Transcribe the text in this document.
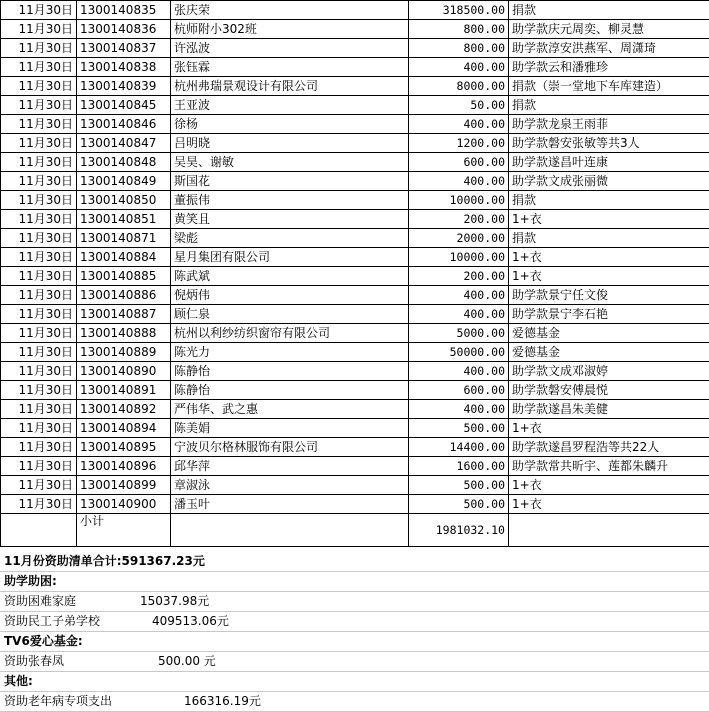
11月30日	1300140835	张庆荣	318500.00	捐款
11月30日	1300140836	杭师附小302班	800.00	助学款庆元周奕、柳灵慧
11月30日	1300140837	许泓波	800.00	助学款淳安洪燕军、周潇琦
11月30日	1300140838	张钰霖	400.00	助学款云和潘雅珍
11月30日	1300140839	杭州弗瑞景观设计有限公司	8000.00	捐款（崇一堂地下车库建造）
11月30日	1300140845	王亚波	50.00	捐款
11月30日	1300140846	徐杨	400.00	助学款龙泉王雨菲
11月30日	1300140847	吕明晓	1200.00	助学款磐安张敏等共3人
11月30日	1300140848	吴昊、谢敏	600.00	助学款遂昌叶连康
11月30日	1300140849	斯国花	400.00	助学款文成张丽微
11月30日	1300140850	董振伟	10000.00	捐款
11月30日	1300140851	黄笑且	200.00	1+衣
11月30日	1300140871	梁彪	2000.00	捐款
11月30日	1300140884	星月集团有限公司	10000.00	1+衣
11月30日	1300140885	陈武斌	200.00	1+衣
11月30日	1300140886	倪炳伟	400.00	助学款景宁任文俊
11月30日	1300140887	顾仁泉	400.00	助学款景宁李石艳
11月30日	1300140888	杭州以利纱纺织窗帘有限公司	5000.00	爱德基金
11月30日	1300140889	陈光力	50000.00	爱德基金
11月30日	1300140890	陈静怡	400.00	助学款文成邓淑婷
11月30日	1300140891	陈静怡	600.00	助学款磐安傅晨悦
11月30日	1300140892	严伟华、武之惠	400.00	助学款遂昌朱美健
11月30日	1300140894	陈美娟	500.00	1+衣
11月30日	1300140895	宁波贝尔格林服饰有限公司	14400.00	助学款遂昌罗程浩等共22人
11月30日	1300140896	邱华萍	1600.00	助学款常共昕宇、莲都朱麟升
11月30日	1300140899	章淑泳	500.00	1+衣
11月30日	1300140900	潘玉叶	500.00	1+衣
	小计		1981032.10	
11月份资助清单合计:591367.23元
助学助困:
资助困难家庭	15037.98元
资助民工子弟学校	409513.06元
TV6爱心基金:
资助张春凤	500.00 元
其他:
资助老年病专项支出	166316.19元
